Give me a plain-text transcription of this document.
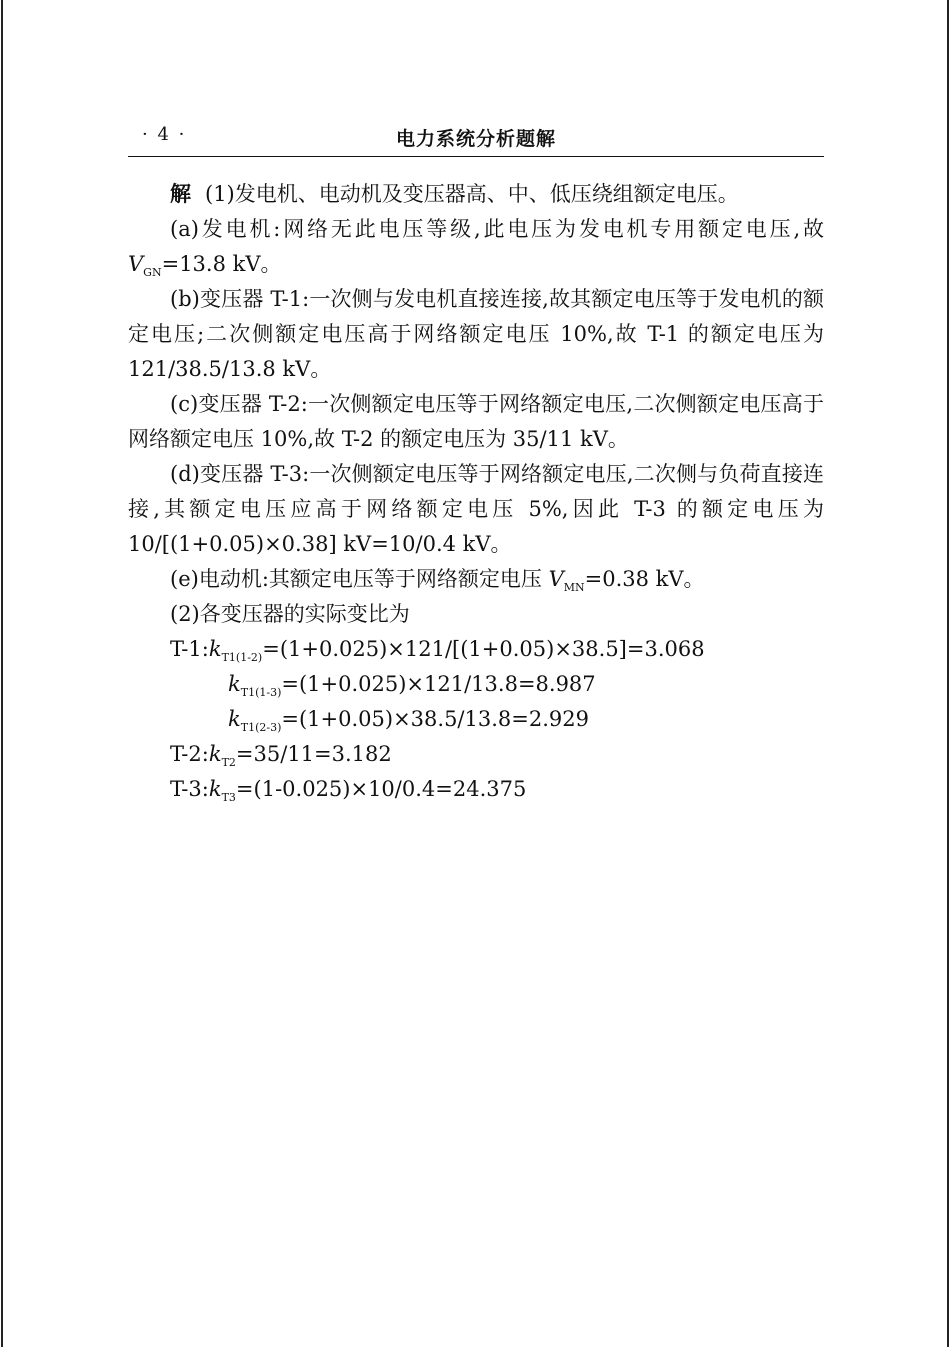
· 4 ·	电力系统分析题解

解 (1)发电机、电动机及变压器高、中、低压绕组额定电压。

(a)发电机:网络无此电压等级,此电压为发电机专用额定电压,故 $V_{GN}=13.8$ kV。

(b)变压器 T-1:一次侧与发电机直接连接,故其额定电压等于发电机的额定电压;二次侧额定电压高于网络额定电压 10%,故 T-1 的额定电压为 121/38.5/13.8 kV。

(c)变压器 T-2:一次侧额定电压等于网络额定电压,二次侧额定电压高于网络额定电压 10%,故 T-2 的额定电压为 35/11 kV。

(d)变压器 T-3:一次侧额定电压等于网络额定电压,二次侧与负荷直接连接,其额定电压应高于网络额定电压 5%,因此 T-3 的额定电压为 10/[(1+0.05)×0.38] kV=10/0.4 kV。

(e)电动机:其额定电压等于网络额定电压 $V_{MN}=0.38$ kV。

(2)各变压器的实际变比为

$T-1:k_{T1(1-2)}=(1+0.025)\times 121/[(1+0.05)\times 38.5]=3.068$

$k_{T1(1-3)}=(1+0.025)\times 121/13.8=8.987$

$k_{T1(2-3)}=(1+0.05)\times 38.5/13.8=2.929$

$T-2:k_{T2}=35/11=3.182$

$T-3:k_{T3}=(1-0.025)\times 10/0.4=24.375$
